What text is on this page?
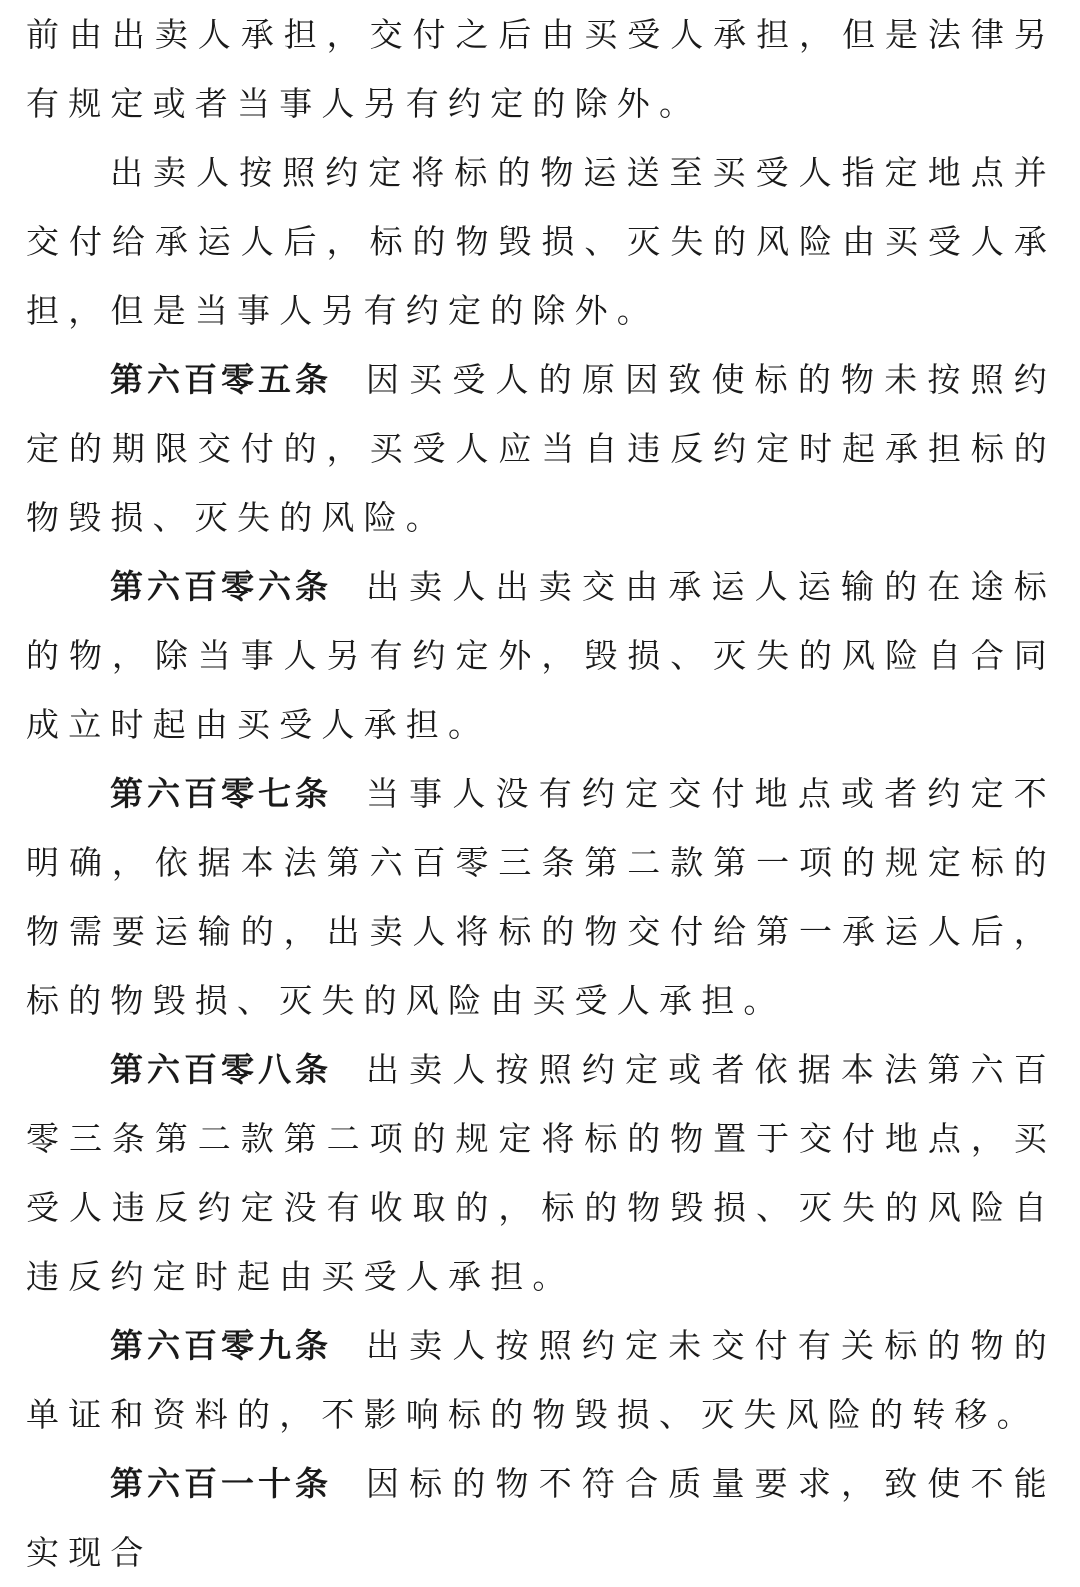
前由出卖人承担，交付之后由买受人承担，但是法律另有规定或者当事人另有约定的除外。

出卖人按照约定将标的物运送至买受人指定地点并交付给承运人后，标的物毁损、灭失的风险由买受人承担，但是当事人另有约定的除外。

第六百零五条 因买受人的原因致使标的物未按照约定的期限交付的，买受人应当自违反约定时起承担标的物毁损、灭失的风险。

第六百零六条 出卖人出卖交由承运人运输的在途标的物，除当事人另有约定外，毁损、灭失的风险自合同成立时起由买受人承担。

第六百零七条 当事人没有约定交付地点或者约定不明确，依据本法第六百零三条第二款第一项的规定标的物需要运输的，出卖人将标的物交付给第一承运人后，标的物毁损、灭失的风险由买受人承担。

第六百零八条 出卖人按照约定或者依据本法第六百零三条第二款第二项的规定将标的物置于交付地点，买受人违反约定没有收取的，标的物毁损、灭失的风险自违反约定时起由买受人承担。

第六百零九条 出卖人按照约定未交付有关标的物的单证和资料的，不影响标的物毁损、灭失风险的转移。

第六百一十条 因标的物不符合质量要求，致使不能实现合
